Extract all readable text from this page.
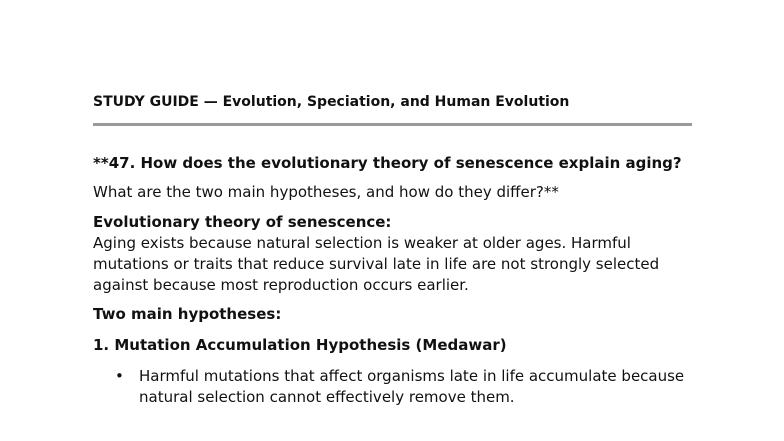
STUDY GUIDE — Evolution, Speciation, and Human Evolution

**47. How does the evolutionary theory of senescence explain aging?

What are the two main hypotheses, and how do they differ?**

Evolutionary theory of senescence:

Aging exists because natural selection is weaker at older ages. Harmful mutations or traits that reduce survival late in life are not strongly selected against because most reproduction occurs earlier.

Two main hypotheses:

1. Mutation Accumulation Hypothesis (Medawar)

• Harmful mutations that affect organisms late in life accumulate because natural selection cannot effectively remove them.
